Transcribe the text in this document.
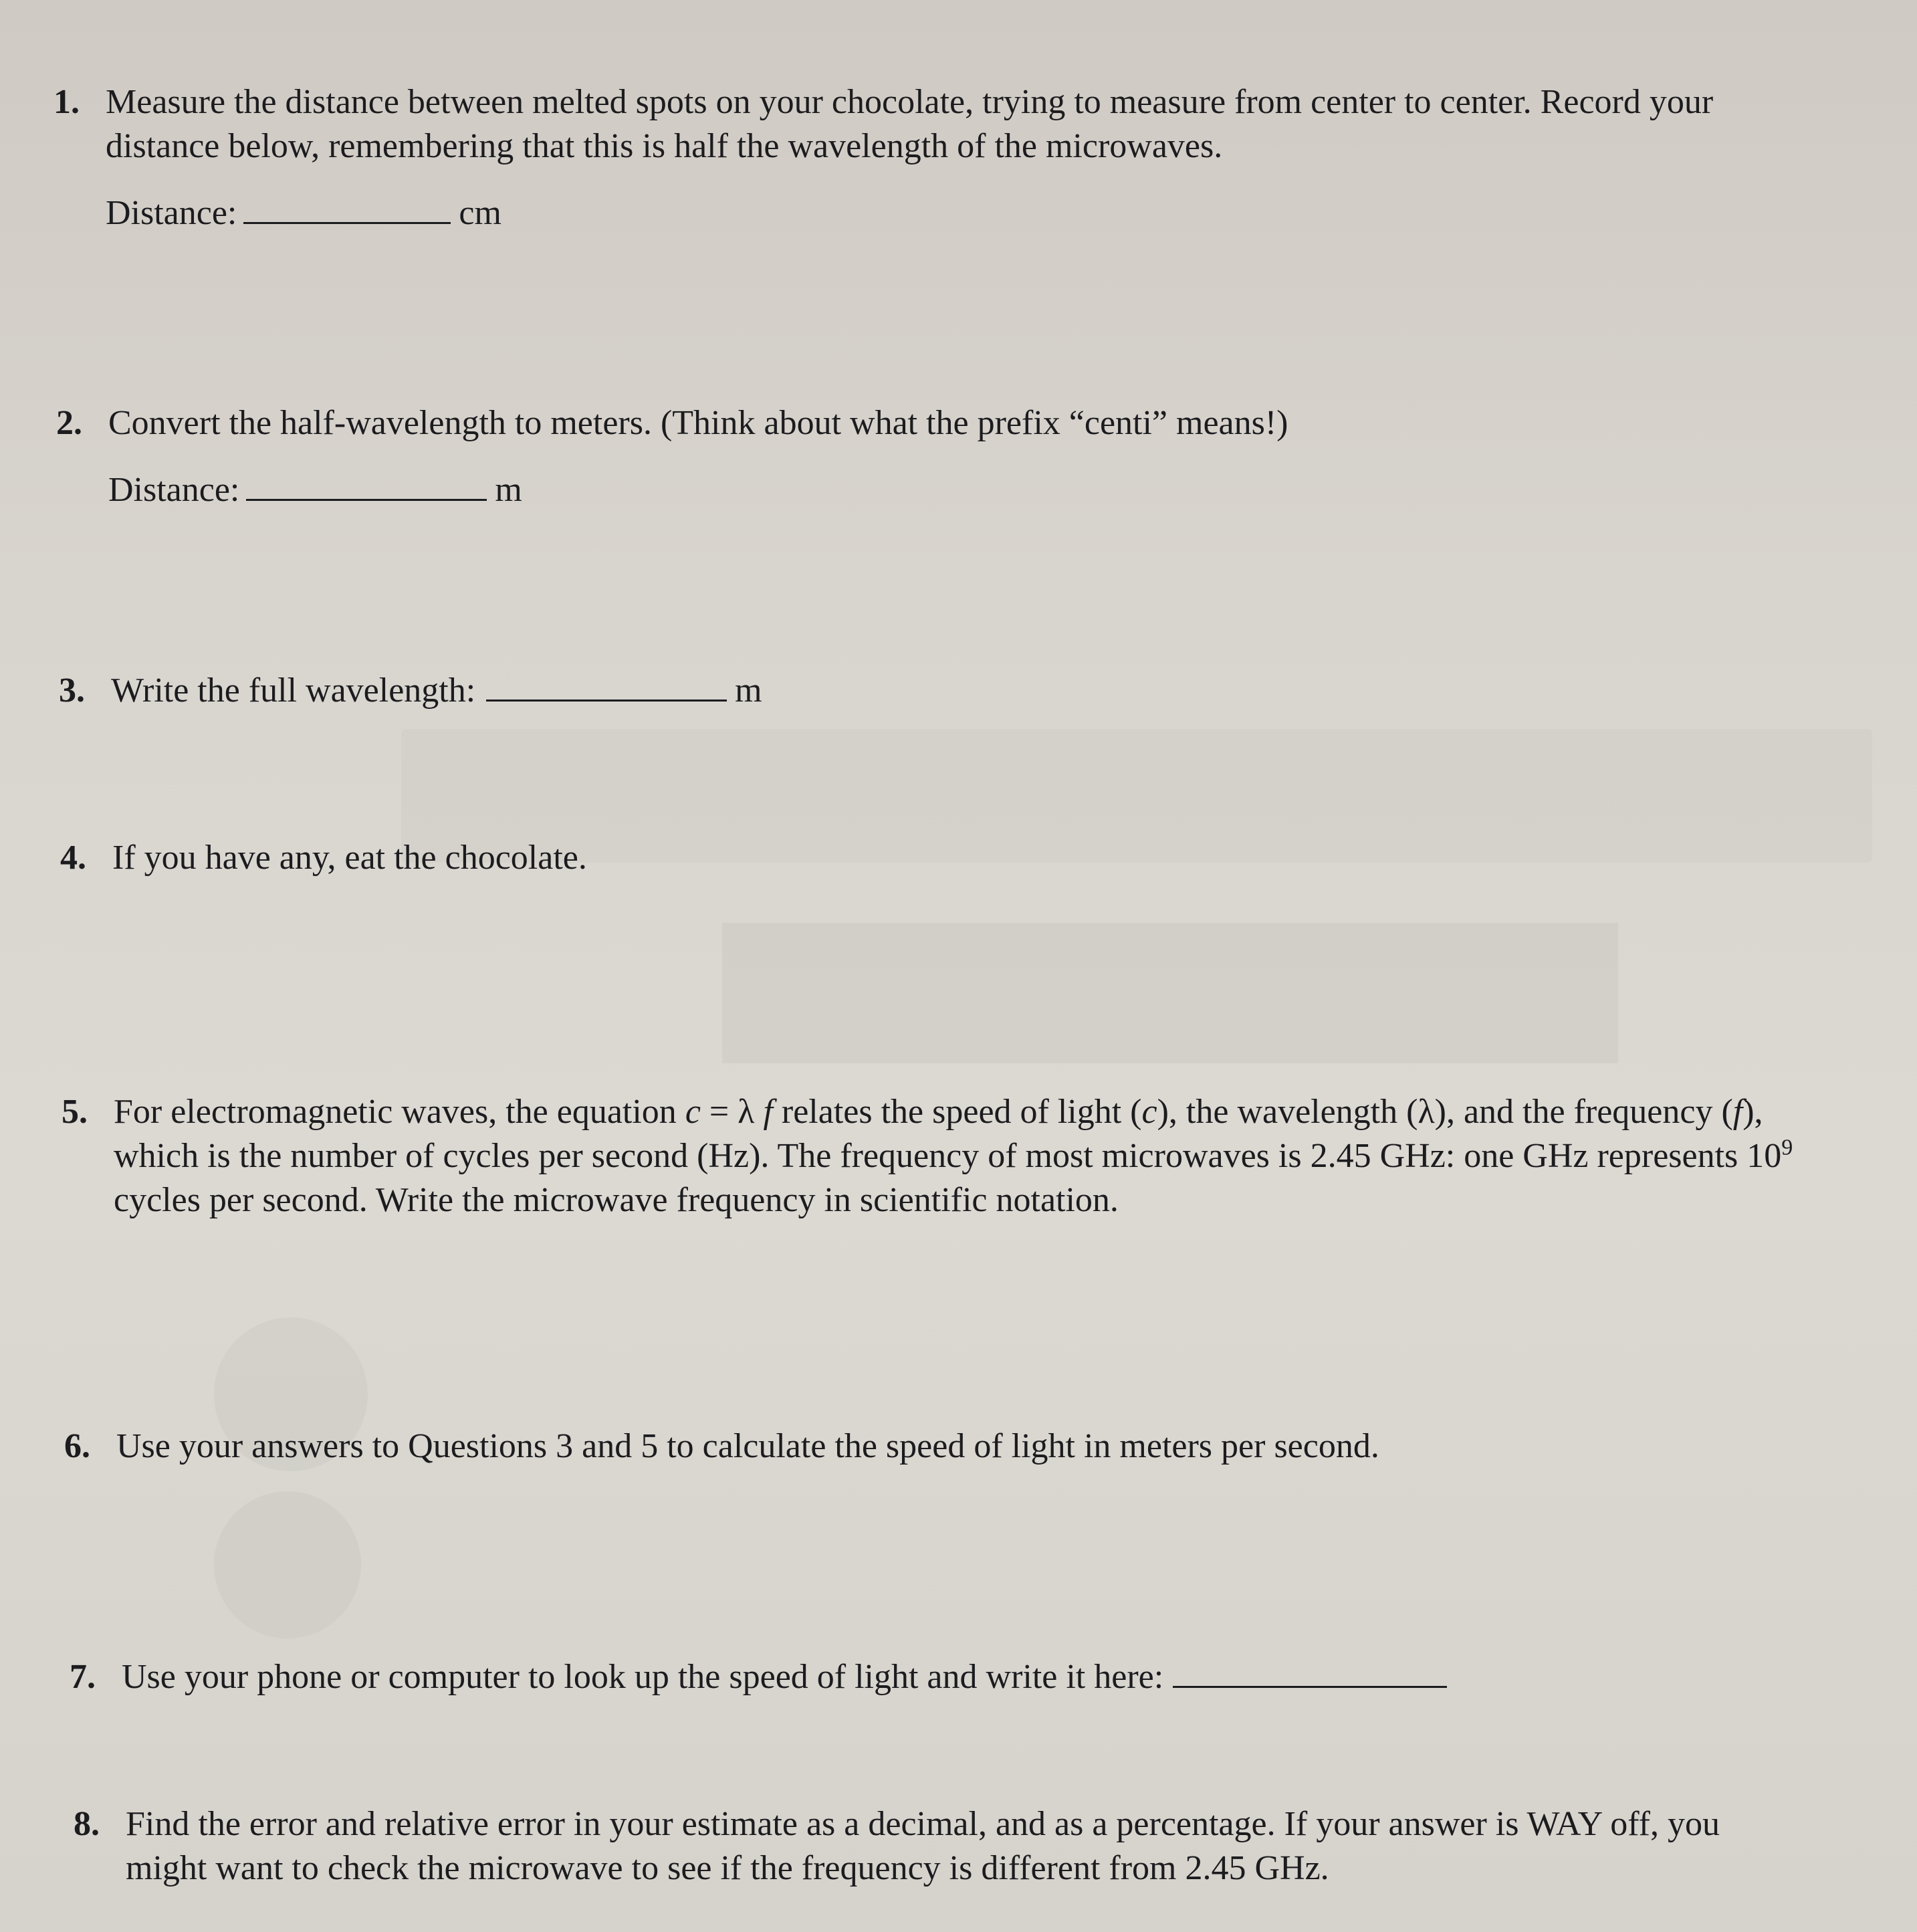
1. Measure the distance between melted spots on your chocolate, trying to measure from center to center. Record your
distance below, remembering that this is half the wavelength of the microwaves.
Distance:	cm
2. Convert the half-wavelength to meters. (Think about what the prefix “centi” means!)
Distance:	m
3. Write the full wavelength:	m
4. If you have any, eat the chocolate.
5. For electromagnetic waves, the equation c = λ f relates the speed of light (c), the wavelength (λ), and the frequency (f),
which is the number of cycles per second (Hz). The frequency of most microwaves is 2.45 GHz: one GHz represents $10^9$
cycles per second. Write the microwave frequency in scientific notation.
6. Use your answers to Questions 3 and 5 to calculate the speed of light in meters per second.
7. Use your phone or computer to look up the speed of light and write it here:
8. Find the error and relative error in your estimate as a decimal, and as a percentage. If your answer is WAY off, you
might want to check the microwave to see if the frequency is different from 2.45 GHz.
